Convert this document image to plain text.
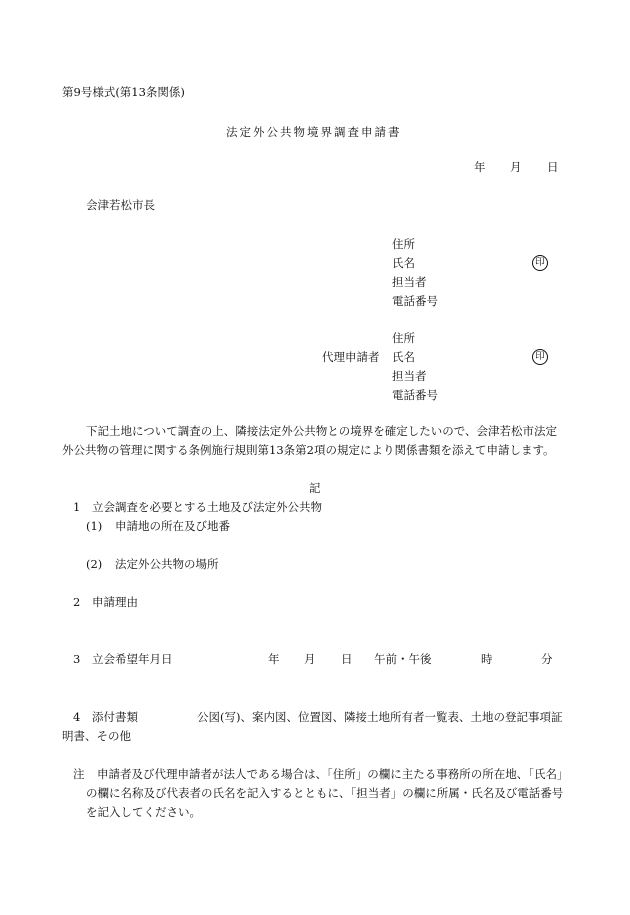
第9号様式(第13条関係)
法定外公共物境界調査申請書
年 月 日
会津若松市長
住所
氏名	印
担当者
電話番号
住所
代理申請者 氏名	印
担当者
電話番号
下記土地について調査の上、隣接法定外公共物との境界を確定したいので、会津若松市法定
外公共物の管理に関する条例施行規則第13条第2項の規定により関係書類を添えて申請します。
記
1 立会調査を必要とする土地及び法定外公共物
(1) 申請地の所在及び地番
(2) 法定外公共物の場所
2 申請理由
3 立会希望年月日	年 月 日 午前・午後	時	分
4 添付書類	公図(写)、案内図、位置図、隣接土地所有者一覧表、土地の登記事項証
明書、その他
注 申請者及び代理申請者が法人である場合は、「住所」の欄に主たる事務所の所在地、「氏名」
の欄に名称及び代表者の氏名を記入するとともに、「担当者」の欄に所属・氏名及び電話番号
を記入してください。
